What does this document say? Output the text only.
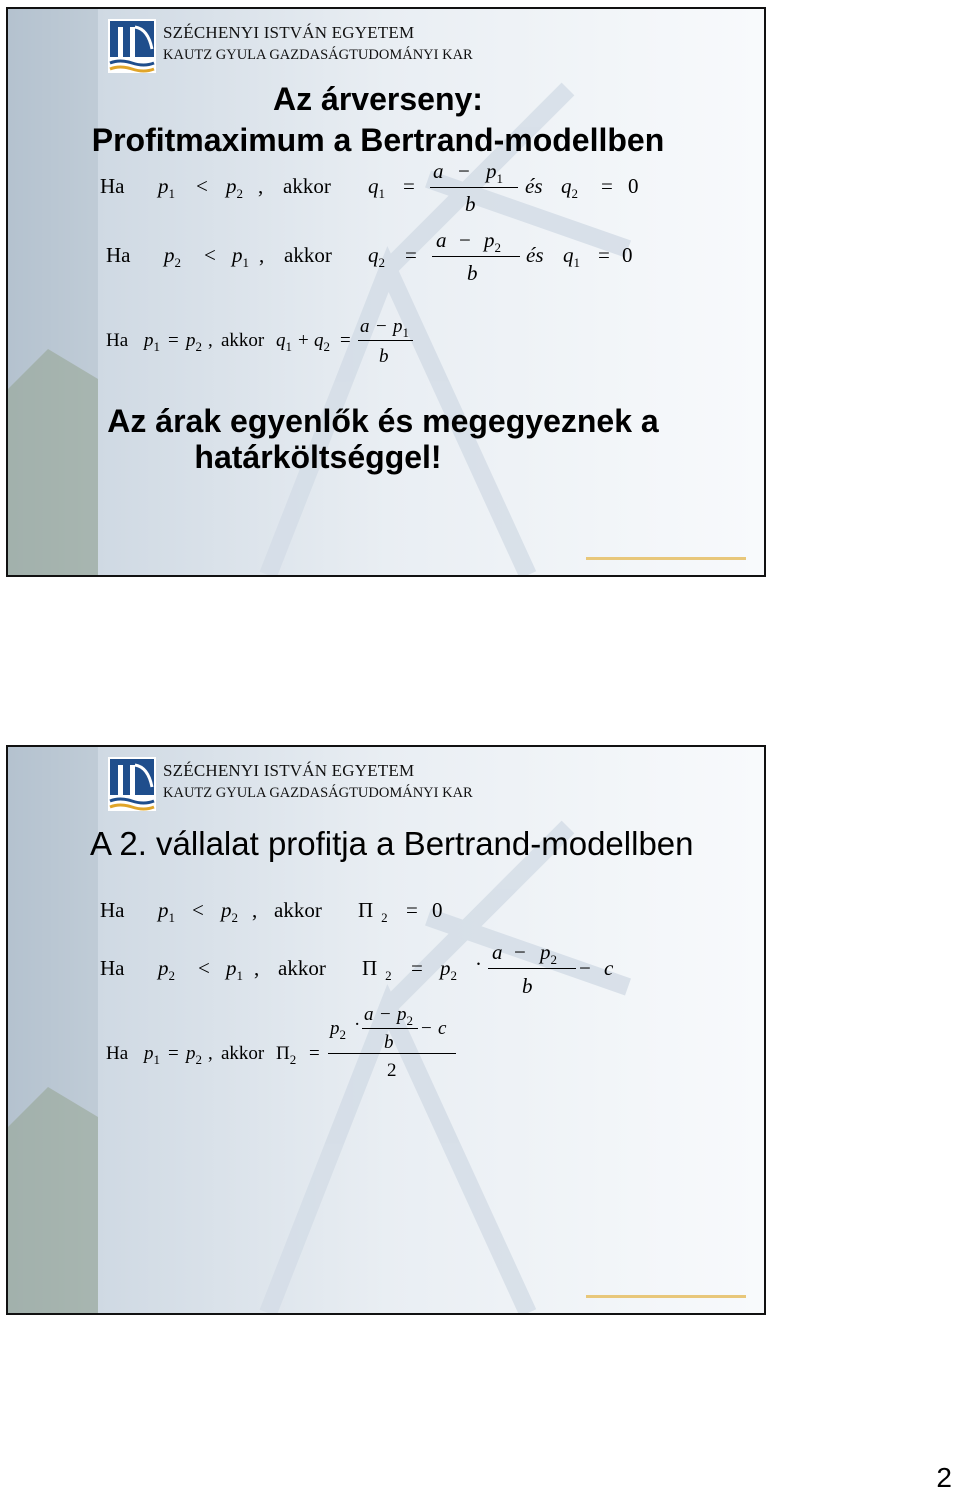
SZÉCHENYI ISTVÁN EGYETEM
KAUTZ GYULA GAZDASÁGTUDOMÁNYI KAR
Az árverseny:
Profitmaximum a Bertrand-modellben
Ha $p_1 < p_2$ , akkor $q_1$ =
$a - p_1$
b
és $q_2 = 0$
Ha $p_2 < p_1$ , akkor $q_2$ =
$a - p_2$
b
és $q_1 = 0$
Ha $p_1 = p_2$ , akkor $q_1 + q_2$ =
$a - p_1$
b
Az árak egyenlők és megegyeznek a
határköltséggel!
SZÉCHENYI ISTVÁN EGYETEM
KAUTZ GYULA GAZDASÁGTUDOMÁNYI KAR
A 2. vállalat profitja a Bertrand-modellben
Ha $p_1 < p_2$ , akkor Π $_2$ = 0
Ha $p_2 < p_1$ , akkor Π $_2 = p_2 \cdot a - p_2$
b
− c
Ha $p_1 = p_2$ , akkor $\Pi_2$ =
$p_2 \cdot a - p_2$
b
− c
2
2
